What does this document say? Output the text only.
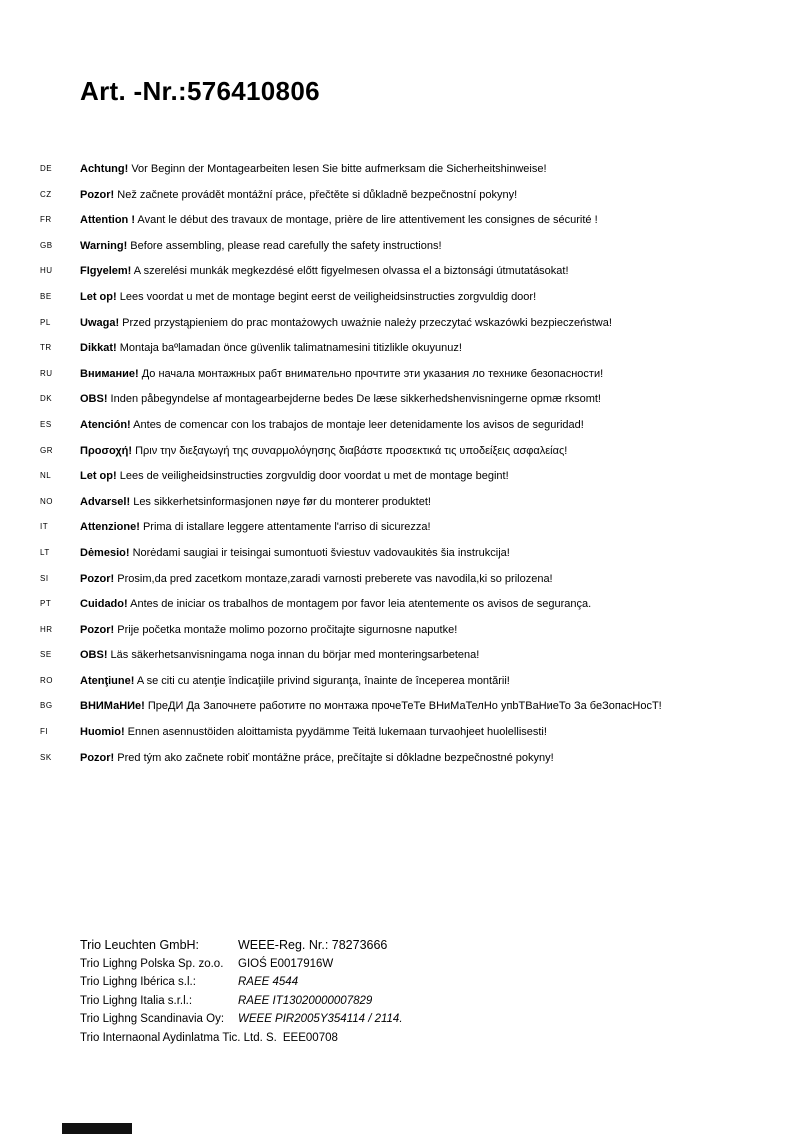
Art. -Nr.:576410806
DE	Achtung! Vor Beginn der Montagearbeiten lesen Sie bitte aufmerksam die Sicherheitshinweise!
CZ	Pozor! Než začnete provádět montážní práce, přečtěte si důkladně bezpečnostní pokyny!
FR	Attention ! Avant le début des travaux de montage, prière de lire attentivement les consignes de sécurité !
GB	Warning! Before assembling, please read carefully the safety instructions!
HU	FIgyelem! A szerelési munkák megkezdésé előtt figyelmesen olvassa el a biztonsági útmutatásokat!
BE	Let op! Lees voordat u met de montage begint eerst de veiligheidsinstructies zorgvuldig door!
PL	Uwaga! Przed przystąpieniem do prac montażowych uważnie należy przeczytać wskazówki bezpieczeństwa!
TR	Dikkat! Montaja baºlamadan önce güvenlik talimatnamesini titizlikle okuyunuz!
RU	Внимание! До начала монтажных рабт внимательно прочтите эти указания ло технике безопасности!
DK	OBS! Inden påbegyndelse af montagearbejderne bedes De læse sikkerhedshenvisningerne opmæ rksomt!
ES	Atención! Antes de comencar con los trabajos de montaje leer detenidamente los avisos de seguridad!
GR	Προσοχή! Πριν την διεξαγωγή της συναρμολόγησης διαβάστε προσεκτικά τις υποδείξεις ασφαλείας!
NL	Let op! Lees de veiligheidsinstructies zorgvuldig door voordat u met de montage begint!
NO	Advarsel! Les sikkerhetsinformasjonen nøye før du monterer produktet!
IT	Attenzione! Prima di istallare leggere attentamente l'arriso di sicurezza!
LT	Dėmesio! Norėdami saugiai ir teisingai sumontuoti šviestuv vadovaukitės šia instrukcija!
SI	Pozor! Prosim,da pred zacetkom montaze,zaradi varnosti preberete vas navodila,ki so prilozena!
PT	Cuidado! Antes de iniciar os trabalhos de montagem por favor leia atentemente os avisos de segurança.
HR	Pozor! Prije početka montaže molimo pozorno pročitajte sigurnosne naputke!
SE	OBS! Läs säkerhetsanvisningama noga innan du börjar med monteringsarbetena!
RO	Atenţiune! A se citi cu atenţie îndicaţiile privind siguranţa, înainte de începerea montării!
BG	ВНИМаНИе! ПреДИ Да Започнете работите по монтажа прочеТеТе ВНиМаТелНо упbТВаНиеТо За беЗопасНосТ!
FI	Huomio! Ennen asennustöiden aloittamista pyydämme Teitä lukemaan turvaohjeet huolellisesti!
SK	Pozor! Pred tým ako začnete robiť montážne práce, prečítajte si dôkladne bezpečnostné pokyny!
Trio Leuchten GmbH:	WEEE-Reg. Nr.: 78273666
Trio Lighng Polska Sp. zo.o. GIOŚ E0017916W
Trio Lighng Ibérica s.l.:	RAEE 4544
Trio Lighng Italia s.r.l.:	RAEE IT13020000007829
Trio Lighng Scandinavia Oy: WEEE PIR2005Y354114 / 2114.
Trio Internaonal Aydinlatma Tic. Ltd. S. EEE00708
